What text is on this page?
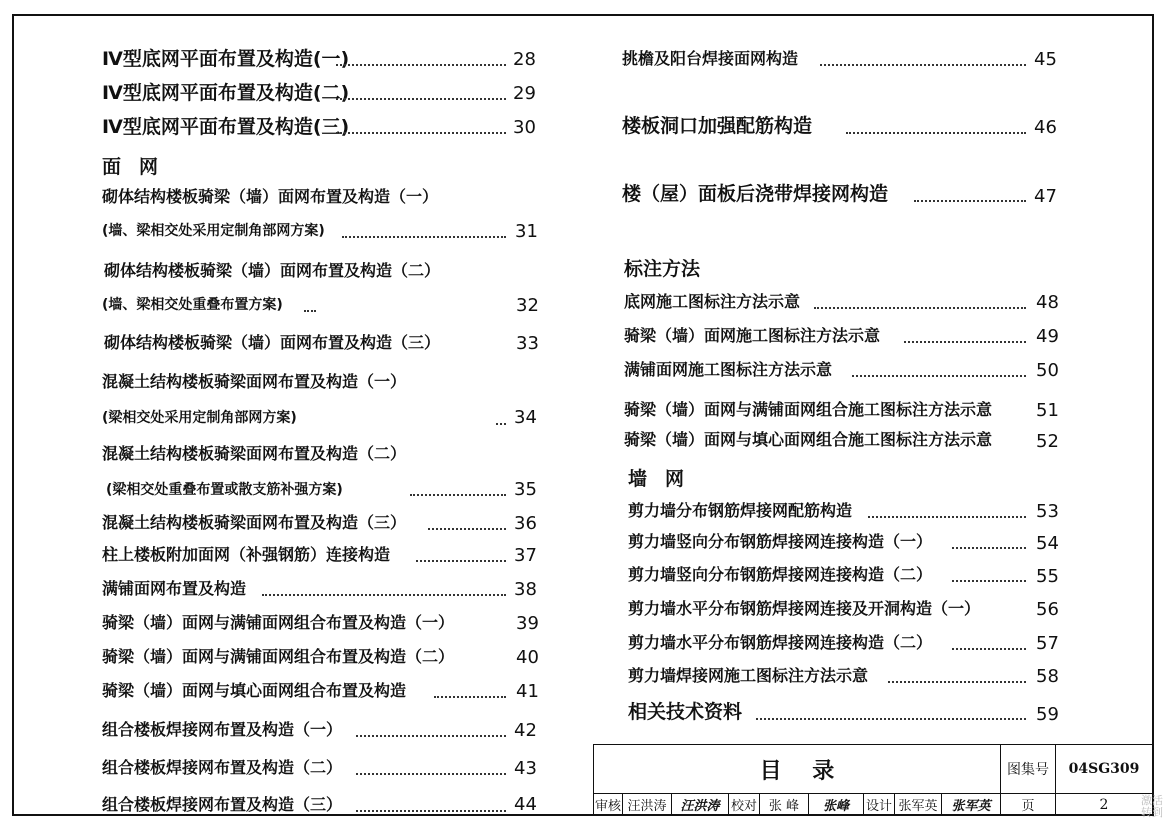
Ⅳ型底网平面布置及构造(一)	28
Ⅳ型底网平面布置及构造(二)	29
Ⅳ型底网平面布置及构造(三)	30
面网
砌体结构楼板骑梁（墙）面网布置及构造（一）
(墙、梁相交处采用定制角部网方案)	31
砌体结构楼板骑梁（墙）面网布置及构造（二）
(墙、梁相交处重叠布置方案)	32
砌体结构楼板骑梁（墙）面网布置及构造（三）	33
混凝土结构楼板骑梁面网布置及构造（一）
(梁相交处采用定制角部网方案)	34
混凝土结构楼板骑梁面网布置及构造（二）
(梁相交处重叠布置或散支筋补强方案)	35
混凝土结构楼板骑梁面网布置及构造（三）	36
柱上楼板附加面网（补强钢筋）连接构造	37
满铺面网布置及构造	38
骑梁（墙）面网与满铺面网组合布置及构造（一）	39
骑梁（墙）面网与满铺面网组合布置及构造（二）	40
骑梁（墙）面网与填心面网组合布置及构造	41
组合楼板焊接网布置及构造（一）	42
组合楼板焊接网布置及构造（二）	43
组合楼板焊接网布置及构造（三）	44
挑檐及阳台焊接面网构造	45
楼板洞口加强配筋构造	46
楼（屋）面板后浇带焊接网构造	47
标注方法
底网施工图标注方法示意	48
骑梁（墙）面网施工图标注方法示意	49
满铺面网施工图标注方法示意	50
骑梁（墙）面网与满铺面网组合施工图标注方法示意 51
骑梁（墙）面网与填心面网组合施工图标注方法示意 52
墙网
剪力墙分布钢筋焊接网配筋构造	53
剪力墙竖向分布钢筋焊接网连接构造（一）	54
剪力墙竖向分布钢筋焊接网连接构造（二）	55
剪力墙水平分布钢筋焊接网连接及开洞构造（一）	56
剪力墙水平分布钢筋焊接网连接构造（二）	57
剪力墙焊接网施工图标注方法示意	58
相关技术资料	59
目    录	图集号	04SG309
审核 汪洪涛	汪洪涛 校对 张 峰	张峰	设计 张军英	张军英	页	2	激活
转到
